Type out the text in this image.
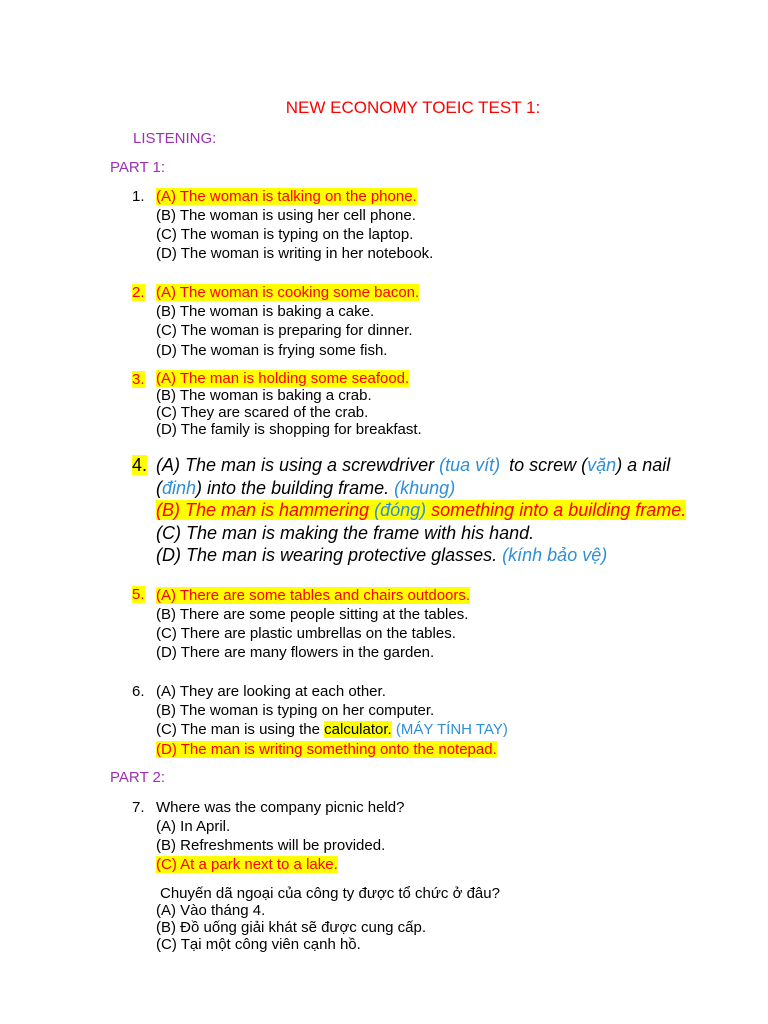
NEW ECONOMY TOEIC TEST 1:
LISTENING:
PART 1:
1. (A) The woman is talking on the phone.
(B) The woman is using her cell phone.
(C) The woman is typing on the laptop.
(D) The woman is writing in her notebook.
2. (A) The woman is cooking some bacon.
(B) The woman is baking a cake.
(C) The woman is preparing for dinner.
(D) The woman is frying some fish.
3. (A) The man is holding some seafood.
(B) The woman is baking a crab.
(C) They are scared of the crab.
(D) The family is shopping for breakfast.
4. (A) The man is using a screwdriver (tua vít) to screw (vặn) a nail
(đinh) into the building frame. (khung)
(B) The man is hammering (đóng) something into a building frame.
(C) The man is making the frame with his hand.
(D) The man is wearing protective glasses. (kính bảo vệ)
5. (A) There are some tables and chairs outdoors.
(B) There are some people sitting at the tables.
(C) There are plastic umbrellas on the tables.
(D) There are many flowers in the garden.
6. (A) They are looking at each other.
(B) The woman is typing on her computer.
(C) The man is using the calculator. (MÁY TÍNH TAY)
(D) The man is writing something onto the notepad.
PART 2:
7. Where was the company picnic held?
(A) In April.
(B) Refreshments will be provided.
(C) At a park next to a lake.
Chuyến dã ngoại của công ty được tổ chức ở đâu?
(A) Vào tháng 4.
(B) Đồ uống giải khát sẽ được cung cấp.
(C) Tại một công viên cạnh hồ.
